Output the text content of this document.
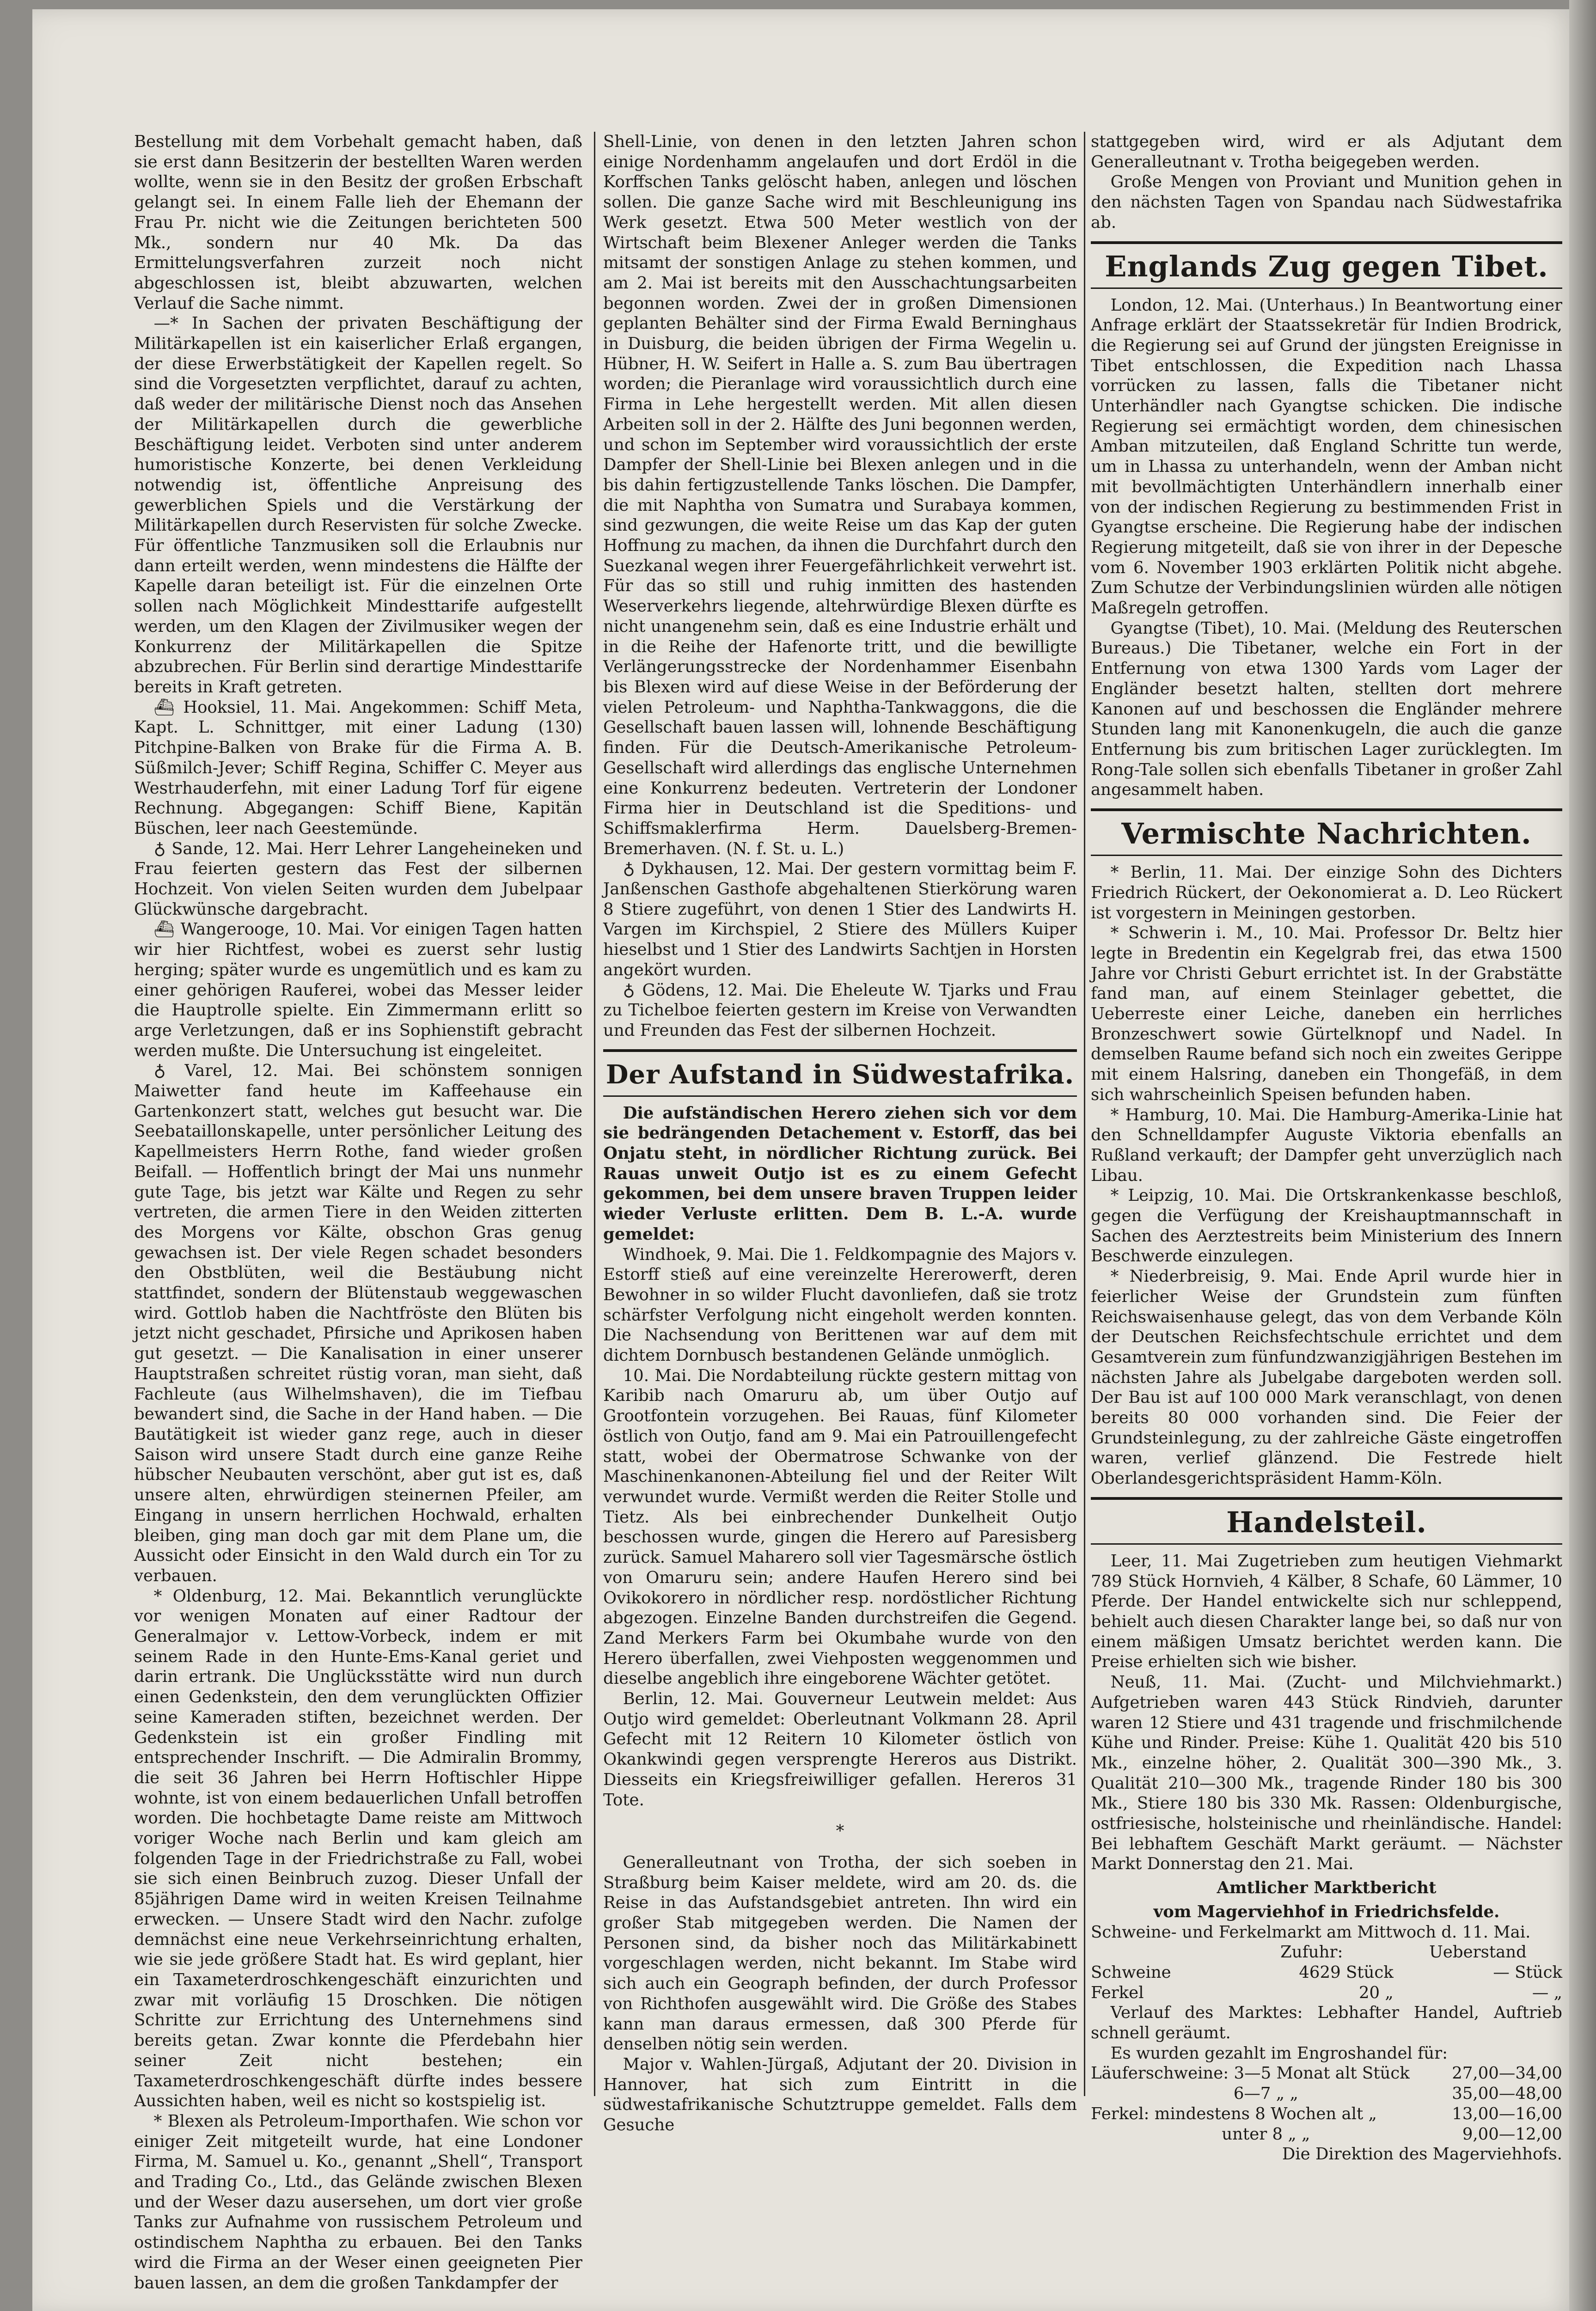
Bestellung mit dem Vorbehalt gemacht haben, daß sie erst dann Besitzerin der bestellten Waren werden wollte, wenn sie in den Besitz der großen Erbschaft gelangt sei. In einem Falle lieh der Ehemann der Frau Pr. nicht wie die Zeitungen berichteten 500 Mk., sondern nur 40 Mk. Da das Ermittelungsverfahren zurzeit noch nicht abgeschlossen ist, bleibt abzuwarten, welchen Verlauf die Sache nimmt.

—* In Sachen der privaten Beschäftigung der Militärkapellen ist ein kaiserlicher Erlaß ergangen, der diese Erwerbstätigkeit der Kapellen regelt. So sind die Vorgesetzten verpflichtet, darauf zu achten, daß weder der militärische Dienst noch das Ansehen der Militärkapellen durch die gewerbliche Beschäftigung leidet. Verboten sind unter anderem humoristische Konzerte, bei denen Verkleidung notwendig ist, öffentliche Anpreisung des gewerblichen Spiels und die Verstärkung der Militärkapellen durch Reservisten für solche Zwecke. Für öffentliche Tanzmusiken soll die Erlaubnis nur dann erteilt werden, wenn mindestens die Hälfte der Kapelle daran beteiligt ist. Für die einzelnen Orte sollen nach Möglichkeit Mindesttarife aufgestellt werden, um den Klagen der Zivilmusiker wegen der Konkurrenz der Militärkapellen die Spitze abzubrechen. Für Berlin sind derartige Mindesttarife bereits in Kraft getreten.

⛴ Hooksiel, 11. Mai. Angekommen: Schiff Meta, Kapt. L. Schnittger, mit einer Ladung (130) Pitchpine-Balken von Brake für die Firma A. B. Süßmilch-Jever; Schiff Regina, Schiffer C. Meyer aus Westrhauderfehn, mit einer Ladung Torf für eigene Rechnung. Abgegangen: Schiff Biene, Kapitän Büschen, leer nach Geestemünde.

♁ Sande, 12. Mai. Herr Lehrer Langeheineken und Frau feierten gestern das Fest der silbernen Hochzeit. Von vielen Seiten wurden dem Jubelpaar Glückwünsche dargebracht.

⛴ Wangerooge, 10. Mai. Vor einigen Tagen hatten wir hier Richtfest, wobei es zuerst sehr lustig herging; später wurde es ungemütlich und es kam zu einer gehörigen Rauferei, wobei das Messer leider die Hauptrolle spielte. Ein Zimmermann erlitt so arge Verletzungen, daß er ins Sophienstift gebracht werden mußte. Die Untersuchung ist eingeleitet.

♁ Varel, 12. Mai. Bei schönstem sonnigen Maiwetter fand heute im Kaffeehause ein Gartenkonzert statt, welches gut besucht war. Die Seebataillonskapelle, unter persönlicher Leitung des Kapellmeisters Herrn Rothe, fand wieder großen Beifall. — Hoffentlich bringt der Mai uns nunmehr gute Tage, bis jetzt war Kälte und Regen zu sehr vertreten, die armen Tiere in den Weiden zitterten des Morgens vor Kälte, obschon Gras genug gewachsen ist. Der viele Regen schadet besonders den Obstblüten, weil die Bestäubung nicht stattfindet, sondern der Blütenstaub weggewaschen wird. Gottlob haben die Nachtfröste den Blüten bis jetzt nicht geschadet, Pfirsiche und Aprikosen haben gut gesetzt. — Die Kanalisation in einer unserer Hauptstraßen schreitet rüstig voran, man sieht, daß Fachleute (aus Wilhelmshaven), die im Tiefbau bewandert sind, die Sache in der Hand haben. — Die Bautätigkeit ist wieder ganz rege, auch in dieser Saison wird unsere Stadt durch eine ganze Reihe hübscher Neubauten verschönt, aber gut ist es, daß unsere alten, ehrwürdigen steinernen Pfeiler, am Eingang in unsern herrlichen Hochwald, erhalten bleiben, ging man doch gar mit dem Plane um, die Aussicht oder Einsicht in den Wald durch ein Tor zu verbauen.

* Oldenburg, 12. Mai. Bekanntlich verunglückte vor wenigen Monaten auf einer Radtour der Generalmajor v. Lettow-Vorbeck, indem er mit seinem Rade in den Hunte-Ems-Kanal geriet und darin ertrank. Die Unglücksstätte wird nun durch einen Gedenkstein, den dem verunglückten Offizier seine Kameraden stiften, bezeichnet werden. Der Gedenkstein ist ein großer Findling mit entsprechender Inschrift. — Die Admiralin Brommy, die seit 36 Jahren bei Herrn Hoftischler Hippe wohnte, ist von einem bedauerlichen Unfall betroffen worden. Die hochbetagte Dame reiste am Mittwoch voriger Woche nach Berlin und kam gleich am folgenden Tage in der Friedrichstraße zu Fall, wobei sie sich einen Beinbruch zuzog. Dieser Unfall der 85jährigen Dame wird in weiten Kreisen Teilnahme erwecken. — Unsere Stadt wird den Nachr. zufolge demnächst eine neue Verkehrseinrichtung erhalten, wie sie jede größere Stadt hat. Es wird geplant, hier ein Taxameterdroschkengeschäft einzurichten und zwar mit vorläufig 15 Droschken. Die nötigen Schritte zur Errichtung des Unternehmens sind bereits getan. Zwar konnte die Pferdebahn hier seiner Zeit nicht bestehen; ein Taxameterdroschkengeschäft dürfte indes bessere Aussichten haben, weil es nicht so kostspielig ist.

* Blexen als Petroleum-Importhafen. Wie schon vor einiger Zeit mitgeteilt wurde, hat eine Londoner Firma, M. Samuel u. Ko., genannt „Shell“, Transport and Trading Co., Ltd., das Gelände zwischen Blexen und der Weser dazu ausersehen, um dort vier große Tanks zur Aufnahme von russischem Petroleum und ostindischem Naphtha zu erbauen. Bei den Tanks wird die Firma an der Weser einen geeigneten Pier bauen lassen, an dem die großen Tankdampfer der

Shell-Linie, von denen in den letzten Jahren schon einige Nordenhamm angelaufen und dort Erdöl in die Korffschen Tanks gelöscht haben, anlegen und löschen sollen. Die ganze Sache wird mit Beschleunigung ins Werk gesetzt. Etwa 500 Meter westlich von der Wirtschaft beim Blexener Anleger werden die Tanks mitsamt der sonstigen Anlage zu stehen kommen, und am 2. Mai ist bereits mit den Ausschachtungsarbeiten begonnen worden. Zwei der in großen Dimensionen geplanten Behälter sind der Firma Ewald Berninghaus in Duisburg, die beiden übrigen der Firma Wegelin u. Hübner, H. W. Seifert in Halle a. S. zum Bau übertragen worden; die Pieranlage wird voraussichtlich durch eine Firma in Lehe hergestellt werden. Mit allen diesen Arbeiten soll in der 2. Hälfte des Juni begonnen werden, und schon im September wird voraussichtlich der erste Dampfer der Shell-Linie bei Blexen anlegen und in die bis dahin fertigzustellende Tanks löschen. Die Dampfer, die mit Naphtha von Sumatra und Surabaya kommen, sind gezwungen, die weite Reise um das Kap der guten Hoffnung zu machen, da ihnen die Durchfahrt durch den Suezkanal wegen ihrer Feuergefährlichkeit verwehrt ist. Für das so still und ruhig inmitten des hastenden Weserverkehrs liegende, altehrwürdige Blexen dürfte es nicht unangenehm sein, daß es eine Industrie erhält und in die Reihe der Hafenorte tritt, und die bewilligte Verlängerungsstrecke der Nordenhammer Eisenbahn bis Blexen wird auf diese Weise in der Beförderung der vielen Petroleum- und Naphtha-Tankwaggons, die die Gesellschaft bauen lassen will, lohnende Beschäftigung finden. Für die Deutsch-Amerikanische Petroleum-Gesellschaft wird allerdings das englische Unternehmen eine Konkurrenz bedeuten. Vertreterin der Londoner Firma hier in Deutschland ist die Speditions- und Schiffsmaklerfirma Herm. Dauelsberg-Bremen-Bremerhaven. (N. f. St. u. L.)

♁ Dykhausen, 12. Mai. Der gestern vormittag beim F. Janßenschen Gasthofe abgehaltenen Stierkörung waren 8 Stiere zugeführt, von denen 1 Stier des Landwirts H. Vargen im Kirchspiel, 2 Stiere des Müllers Kuiper hieselbst und 1 Stier des Landwirts Sachtjen in Horsten angekört wurden.

♁ Gödens, 12. Mai. Die Eheleute W. Tjarks und Frau zu Tichelboe feierten gestern im Kreise von Verwandten und Freunden das Fest der silbernen Hochzeit.

Der Aufstand in Südwestafrika.

Die aufständischen Herero ziehen sich vor dem sie bedrängenden Detachement v. Estorff, das bei Onjatu steht, in nördlicher Richtung zurück. Bei Rauas unweit Outjo ist es zu einem Gefecht gekommen, bei dem unsere braven Truppen leider wieder Verluste erlitten. Dem B. L.-A. wurde gemeldet:

Windhoek, 9. Mai. Die 1. Feldkompagnie des Majors v. Estorff stieß auf eine vereinzelte Hererowerft, deren Bewohner in so wilder Flucht davonliefen, daß sie trotz schärfster Verfolgung nicht eingeholt werden konnten. Die Nachsendung von Berittenen war auf dem mit dichtem Dornbusch bestandenen Gelände unmöglich.

10. Mai. Die Nordabteilung rückte gestern mittag von Karibib nach Omaruru ab, um über Outjo auf Grootfontein vorzugehen. Bei Rauas, fünf Kilometer östlich von Outjo, fand am 9. Mai ein Patrouillengefecht statt, wobei der Obermatrose Schwanke von der Maschinenkanonen-Abteilung fiel und der Reiter Wilt verwundet wurde. Vermißt werden die Reiter Stolle und Tietz. Als bei einbrechender Dunkelheit Outjo beschossen wurde, gingen die Herero auf Paresisberg zurück. Samuel Maharero soll vier Tagesmärsche östlich von Omaruru sein; andere Haufen Herero sind bei Ovikokorero in nördlicher resp. nordöstlicher Richtung abgezogen. Einzelne Banden durchstreifen die Gegend. Zand Merkers Farm bei Okumbahe wurde von den Herero überfallen, zwei Viehposten weggenommen und dieselbe angeblich ihre eingeborene Wächter getötet.

Berlin, 12. Mai. Gouverneur Leutwein meldet: Aus Outjo wird gemeldet: Oberleutnant Volkmann 28. April Gefecht mit 12 Reitern 10 Kilometer östlich von Okankwindi gegen versprengte Hereros aus Distrikt. Diesseits ein Kriegsfreiwilliger gefallen. Hereros 31 Tote.

*

Generalleutnant von Trotha, der sich soeben in Straßburg beim Kaiser meldete, wird am 20. ds. die Reise in das Aufstandsgebiet antreten. Ihn wird ein großer Stab mitgegeben werden. Die Namen der Personen sind, da bisher noch das Militärkabinett vorgeschlagen werden, nicht bekannt. Im Stabe wird sich auch ein Geograph befinden, der durch Professor von Richthofen ausgewählt wird. Die Größe des Stabes kann man daraus ermessen, daß 300 Pferde für denselben nötig sein werden.

Major v. Wahlen-Jürgaß, Adjutant der 20. Division in Hannover, hat sich zum Eintritt in die südwestafrikanische Schutztruppe gemeldet. Falls dem Gesuche

stattgegeben wird, wird er als Adjutant dem Generalleutnant v. Trotha beigegeben werden.

Große Mengen von Proviant und Munition gehen in den nächsten Tagen von Spandau nach Südwestafrika ab.

Englands Zug gegen Tibet.

London, 12. Mai. (Unterhaus.) In Beantwortung einer Anfrage erklärt der Staatssekretär für Indien Brodrick, die Regierung sei auf Grund der jüngsten Ereignisse in Tibet entschlossen, die Expedition nach Lhassa vorrücken zu lassen, falls die Tibetaner nicht Unterhändler nach Gyangtse schicken. Die indische Regierung sei ermächtigt worden, dem chinesischen Amban mitzuteilen, daß England Schritte tun werde, um in Lhassa zu unterhandeln, wenn der Amban nicht mit bevollmächtigten Unterhändlern innerhalb einer von der indischen Regierung zu bestimmenden Frist in Gyangtse erscheine. Die Regierung habe der indischen Regierung mitgeteilt, daß sie von ihrer in der Depesche vom 6. November 1903 erklärten Politik nicht abgehe. Zum Schutze der Verbindungslinien würden alle nötigen Maßregeln getroffen.

Gyangtse (Tibet), 10. Mai. (Meldung des Reuterschen Bureaus.) Die Tibetaner, welche ein Fort in der Entfernung von etwa 1300 Yards vom Lager der Engländer besetzt halten, stellten dort mehrere Kanonen auf und beschossen die Engländer mehrere Stunden lang mit Kanonenkugeln, die auch die ganze Entfernung bis zum britischen Lager zurücklegten. Im Rong-Tale sollen sich ebenfalls Tibetaner in großer Zahl angesammelt haben.

Vermischte Nachrichten.

* Berlin, 11. Mai. Der einzige Sohn des Dichters Friedrich Rückert, der Oekonomierat a. D. Leo Rückert ist vorgestern in Meiningen gestorben.

* Schwerin i. M., 10. Mai. Professor Dr. Beltz hier legte in Bredentin ein Kegelgrab frei, das etwa 1500 Jahre vor Christi Geburt errichtet ist. In der Grabstätte fand man, auf einem Steinlager gebettet, die Ueberreste einer Leiche, daneben ein herrliches Bronzeschwert sowie Gürtelknopf und Nadel. In demselben Raume befand sich noch ein zweites Gerippe mit einem Halsring, daneben ein Thongefäß, in dem sich wahrscheinlich Speisen befunden haben.

* Hamburg, 10. Mai. Die Hamburg-Amerika-Linie hat den Schnelldampfer Auguste Viktoria ebenfalls an Rußland verkauft; der Dampfer geht unverzüglich nach Libau.

* Leipzig, 10. Mai. Die Ortskrankenkasse beschloß, gegen die Verfügung der Kreishauptmannschaft in Sachen des Aerztestreits beim Ministerium des Innern Beschwerde einzulegen.

* Niederbreisig, 9. Mai. Ende April wurde hier in feierlicher Weise der Grundstein zum fünften Reichswaisenhause gelegt, das von dem Verbande Köln der Deutschen Reichsfechtschule errichtet und dem Gesamtverein zum fünfundzwanzigjährigen Bestehen im nächsten Jahre als Jubelgabe dargeboten werden soll. Der Bau ist auf 100 000 Mark veranschlagt, von denen bereits 80 000 vorhanden sind. Die Feier der Grundsteinlegung, zu der zahlreiche Gäste eingetroffen waren, verlief glänzend. Die Festrede hielt Oberlandesgerichtspräsident Hamm-Köln.

Handelsteil.

Leer, 11. Mai Zugetrieben zum heutigen Viehmarkt 789 Stück Hornvieh, 4 Kälber, 8 Schafe, 60 Lämmer, 10 Pferde. Der Handel entwickelte sich nur schleppend, behielt auch diesen Charakter lange bei, so daß nur von einem mäßigen Umsatz berichtet werden kann. Die Preise erhielten sich wie bisher.

Neuß, 11. Mai. (Zucht- und Milchviehmarkt.) Aufgetrieben waren 443 Stück Rindvieh, darunter waren 12 Stiere und 431 tragende und frischmilchende Kühe und Rinder. Preise: Kühe 1. Qualität 420 bis 510 Mk., einzelne höher, 2. Qualität 300—390 Mk., 3. Qualität 210—300 Mk., tragende Rinder 180 bis 300 Mk., Stiere 180 bis 330 Mk. Rassen: Oldenburgische, ostfriesische, holsteinische und rheinländische. Handel: Bei lebhaftem Geschäft Markt geräumt. — Nächster Markt Donnerstag den 21. Mai.

Amtlicher Marktbericht
vom Magerviehhof in Friedrichsfelde.

Schweine- und Ferkelmarkt am Mittwoch d. 11. Mai.

	Zufuhr:	Ueberstand
Schweine	4629 Stück	— Stück
Ferkel	20 „	— „

Verlauf des Marktes: Lebhafter Handel, Auftrieb schnell geräumt.

Es wurden gezahlt im Engroshandel für:

Läuferschweine: 3—5 Monat alt Stück	27,00—34,00
6—7 „ „	35,00—48,00
Ferkel: mindestens 8 Wochen alt „	13,00—16,00
unter 8 „ „	9,00—12,00

Die Direktion des Magerviehhofs.
